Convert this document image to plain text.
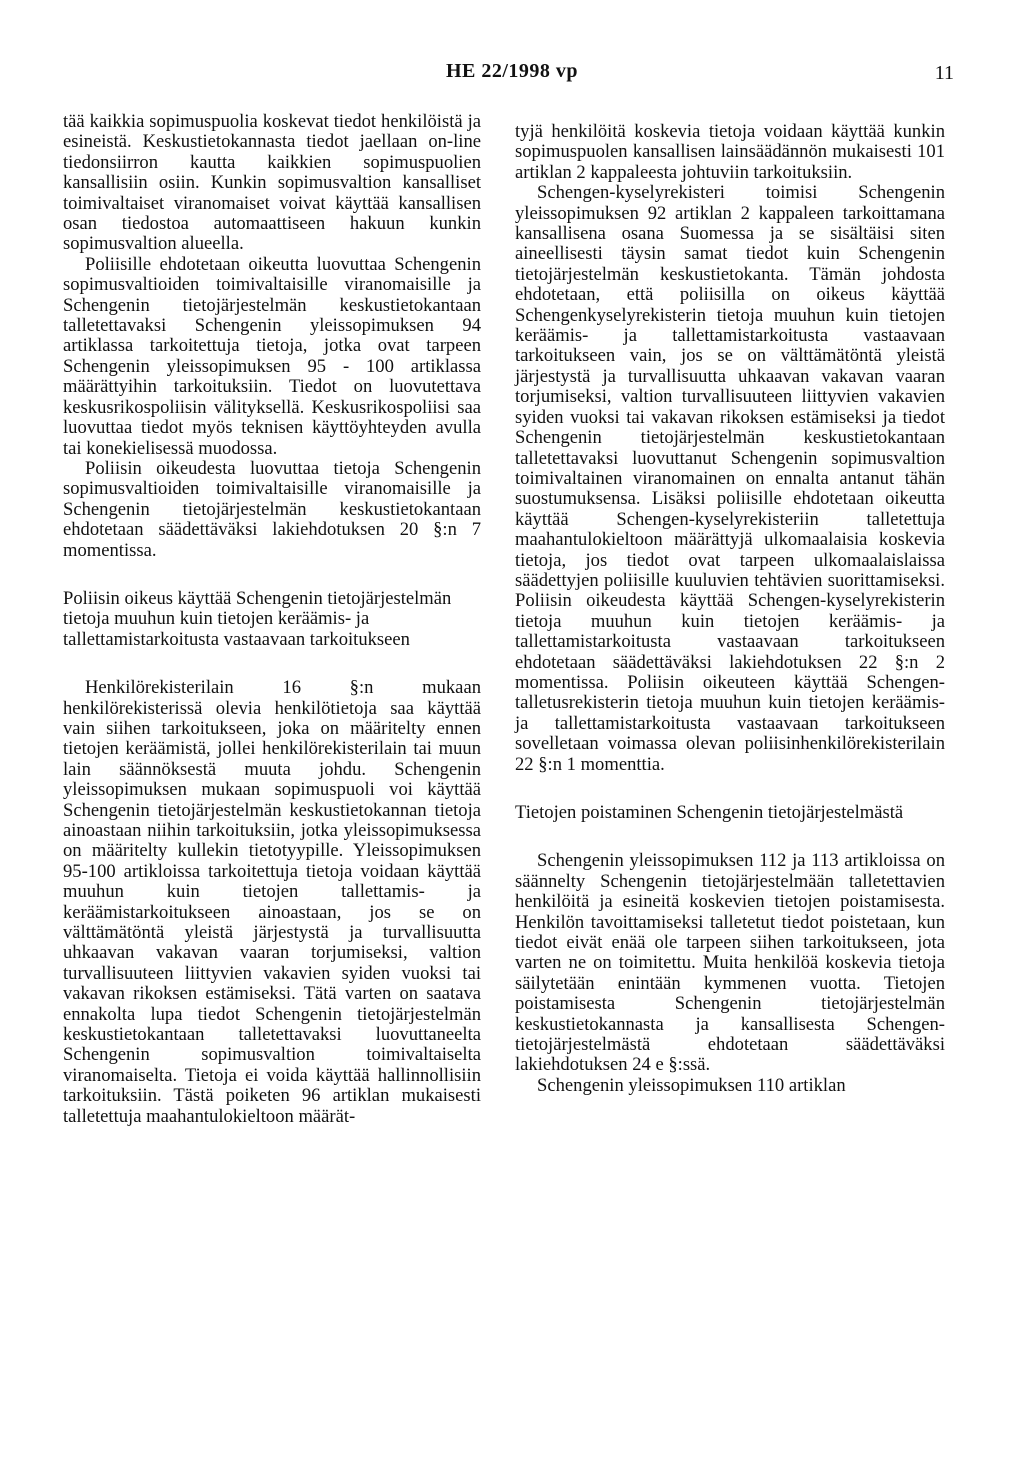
HE 22/1998 vp	11

tää kaikkia sopimuspuolia koskevat tiedot henkilöistä ja esineistä. Keskustietokannasta tiedot jaellaan on-line tiedonsiirron kautta kaikkien sopimuspuolien kansallisiin osiin. Kunkin sopimusvaltion kansalliset toimivaltaiset viranomaiset voivat käyttää kansallisen osan tiedostoa automaattiseen hakuun kunkin sopimusvaltion alueella.

Poliisille ehdotetaan oikeutta luovuttaa Schengenin sopimusvaltioiden toimivaltaisille viranomaisille ja Schengenin tietojärjestelmän keskustietokantaan talletettavaksi Schengenin yleissopimuksen 94 artiklassa tarkoitettuja tietoja, jotka ovat tarpeen Schengenin yleissopimuksen 95 - 100 artiklassa määrättyihin tarkoituksiin. Tiedot on luovutettava keskusrikospoliisin välityksellä. Keskusrikospoliisi saa luovuttaa tiedot myös teknisen käyttöyhteyden avulla tai konekielisessä muodossa.

Poliisin oikeudesta luovuttaa tietoja Schengenin sopimusvaltioiden toimivaltaisille viranomaisille ja Schengenin tietojärjestelmän keskustietokantaan ehdotetaan säädettäväksi lakiehdotuksen 20 §:n 7 momentissa.

Poliisin oikeus käyttää Schengenin tietojärjestelmän tietoja muuhun kuin tietojen keräämis- ja tallettamistarkoitusta vastaavaan tarkoitukseen

Henkilörekisterilain 16 §:n mukaan henkilörekisterissä olevia henkilötietoja saa käyttää vain siihen tarkoitukseen, joka on määritelty ennen tietojen keräämistä, jollei henkilörekisterilain tai muun lain säännöksestä muuta johdu. Schengenin yleissopimuksen mukaan sopimuspuoli voi käyttää Schengenin tietojärjestelmän keskustietokannan tietoja ainoastaan niihin tarkoituksiin, jotka yleissopimuksessa on määritelty kullekin tietotyypille. Yleissopimuksen 95-100 artikloissa tarkoitettuja tietoja voidaan käyttää muuhun kuin tietojen tallettamis- ja keräämistarkoitukseen ainoastaan, jos se on välttämätöntä yleistä järjestystä ja turvallisuutta uhkaavan vakavan vaaran torjumiseksi, valtion turvallisuuteen liittyvien vakavien syiden vuoksi tai vakavan rikoksen estämiseksi. Tätä varten on saatava ennakolta lupa tiedot Schengenin tietojärjestelmän keskustietokantaan talletettavaksi luovuttaneelta Schengenin sopimusvaltion toimivaltaiselta viranomaiselta. Tietoja ei voida käyttää hallinnollisiin tarkoituksiin. Tästä poiketen 96 artiklan mukaisesti talletettuja maahantulokieltoon määrät-

tyjä henkilöitä koskevia tietoja voidaan käyttää kunkin sopimuspuolen kansallisen lainsäädännön mukaisesti 101 artiklan 2 kappaleesta johtuviin tarkoituksiin.

Schengen-kyselyrekisteri toimisi Schengenin yleissopimuksen 92 artiklan 2 kappaleen tarkoittamana kansallisena osana Suomessa ja se sisältäisi siten aineellisesti täysin samat tiedot kuin Schengenin tietojärjestelmän keskustietokanta. Tämän johdosta ehdotetaan, että poliisilla on oikeus käyttää Schengenkyselyrekisterin tietoja muuhun kuin tietojen keräämis- ja tallettamistarkoitusta vastaavaan tarkoitukseen vain, jos se on välttämätöntä yleistä järjestystä ja turvallisuutta uhkaavan vakavan vaaran torjumiseksi, valtion turvallisuuteen liittyvien vakavien syiden vuoksi tai vakavan rikoksen estämiseksi ja tiedot Schengenin tietojärjestelmän keskustietokantaan talletettavaksi luovuttanut Schengenin sopimusvaltion toimivaltainen viranomainen on ennalta antanut tähän suostumuksensa. Lisäksi poliisille ehdotetaan oikeutta käyttää Schengen-kyselyrekisteriin talletettuja maahantulokieltoon määrättyjä ulkomaalaisia koskevia tietoja, jos tiedot ovat tarpeen ulkomaalaislaissa säädettyjen poliisille kuuluvien tehtävien suorittamiseksi. Poliisin oikeudesta käyttää Schengen-kyselyrekisterin tietoja muuhun kuin tietojen keräämis- ja tallettamistarkoitusta vastaavaan tarkoitukseen ehdotetaan säädettäväksi lakiehdotuksen 22 §:n 2 momentissa. Poliisin oikeuteen käyttää Schengen-talletusrekisterin tietoja muuhun kuin tietojen keräämis- ja tallettamistarkoitusta vastaavaan tarkoitukseen sovelletaan voimassa olevan poliisinhenkilörekisterilain 22 §:n 1 momenttia.

Tietojen poistaminen Schengenin tietojärjestelmästä

Schengenin yleissopimuksen 112 ja 113 artikloissa on säännelty Schengenin tietojärjestelmään talletettavien henkilöitä ja esineitä koskevien tietojen poistamisesta. Henkilön tavoittamiseksi talletetut tiedot poistetaan, kun tiedot eivät enää ole tarpeen siihen tarkoitukseen, jota varten ne on toimitettu. Muita henkilöä koskevia tietoja säilytetään enintään kymmenen vuotta. Tietojen poistamisesta Schengenin tietojärjestelmän keskustietokannasta ja kansallisesta Schengen-tietojärjestelmästä ehdotetaan säädettäväksi lakiehdotuksen 24 e §:ssä.

Schengenin yleissopimuksen 110 artiklan
